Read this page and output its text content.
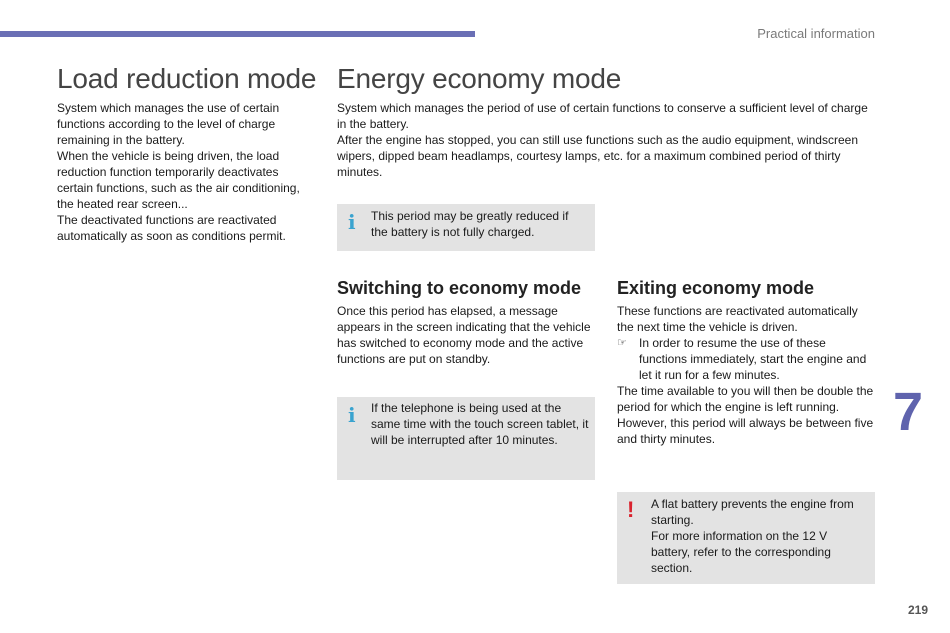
Practical information
Load reduction mode

System which manages the use of certain functions according to the level of charge remaining in the battery.

When the vehicle is being driven, the load reduction function temporarily deactivates certain functions, such as the air conditioning, the heated rear screen...

The deactivated functions are reactivated automatically as soon as conditions permit.

Energy economy mode

System which manages the period of use of certain functions to conserve a sufficient level of charge in the battery.

After the engine has stopped, you can still use functions such as the audio equipment, windscreen wipers, dipped beam headlamps, courtesy lamps, etc. for a maximum combined period of thirty minutes.

i This period may be greatly reduced if the battery is not fully charged.

Switching to economy mode

Once this period has elapsed, a message appears in the screen indicating that the vehicle has switched to economy mode and the active functions are put on standby.

i If the telephone is being used at the same time with the touch screen tablet, it will be interrupted after 10 minutes.

Exiting economy mode

These functions are reactivated automatically the next time the vehicle is driven.

☞	In order to resume the use of these functions immediately, start the engine and let it run for a few minutes.

The time available to you will then be double the period for which the engine is left running. However, this period will always be between five and thirty minutes.

! A flat battery prevents the engine from starting.

For more information on the 12 V battery, refer to the corresponding section.

7
219
